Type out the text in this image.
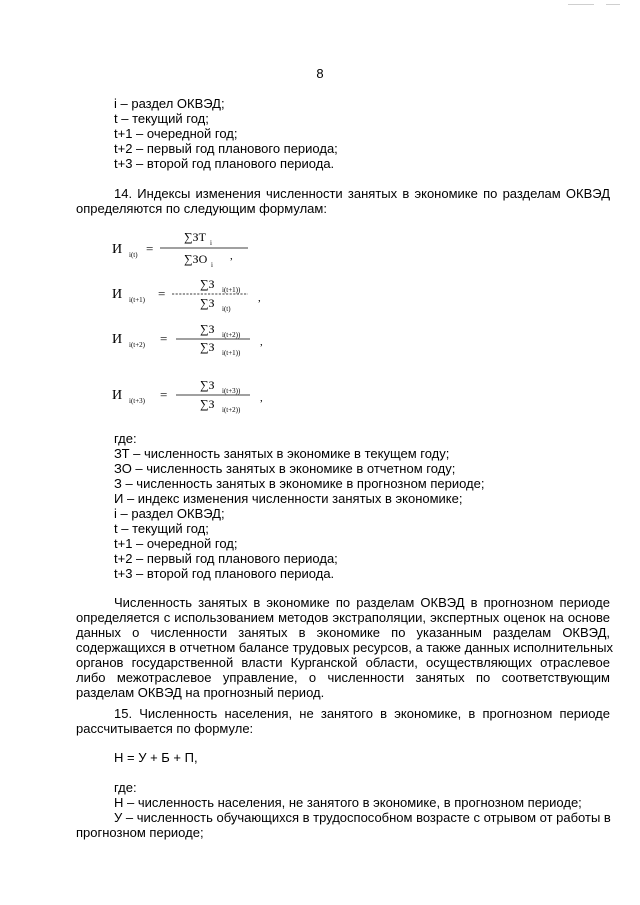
8
i – раздел ОКВЭД;
t – текущий год;
t+1 – очередной год;
t+2 – первый год планового периода;
t+3 – второй год планового периода.
14. Индексы изменения численности занятых в экономике по разделам ОКВЭД
определяются по следующим формулам:
И i(t) =
∑ЗТ i
∑ЗО i
,
И i(t+1) =
∑З i(t+1))
∑З i(t)
,
И i(t+2) =
∑З i(t+2))
∑З i(t+1))
,
И i(t+3) =
∑З i(t+3))
∑З i(t+2))
,
где:
ЗТ – численность занятых в экономике в текущем году;
ЗО – численность занятых в экономике в отчетном году;
З – численность занятых в экономике в прогнозном периоде;
И – индекс изменения численности занятых в экономике;
i – раздел ОКВЭД;
t – текущий год;
t+1 – очередной год;
t+2 – первый год планового периода;
t+3 – второй год планового периода.
Численность занятых в экономике по разделам ОКВЭД в прогнозном периоде
определяется с использованием методов экстраполяции, экспертных оценок на основе
данных о численности занятых в экономике по указанным разделам ОКВЭД,
содержащихся в отчетном балансе трудовых ресурсов, а также данных исполнительных
органов государственной власти Курганской области, осуществляющих отраслевое
либо межотраслевое управление, о численности занятых по соответствующим
разделам ОКВЭД на прогнозный период.
15. Численность населения, не занятого в экономике, в прогнозном периоде
рассчитывается по формуле:
Н = У + Б + П,
где:
Н – численность населения, не занятого в экономике, в прогнозном периоде;
У – численность обучающихся в трудоспособном возрасте с отрывом от работы в
прогнозном периоде;
